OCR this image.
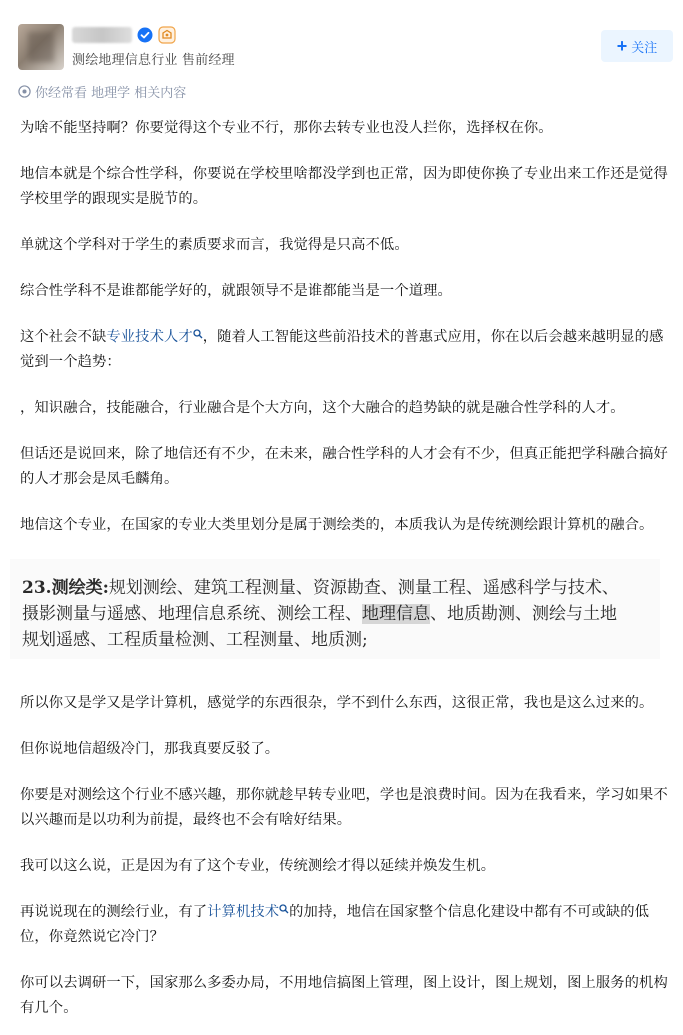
测绘地理信息行业 售前经理
+ 关注
你经常看 地理学 相关内容

为啥不能坚持啊？你要觉得这个专业不行，那你去转专业也没人拦你，选择权在你。

地信本就是个综合性学科，你要说在学校里啥都没学到也正常，因为即使你换了专业出来工作还是觉得学校里学的跟现实是脱节的。

单就这个学科对于学生的素质要求而言，我觉得是只高不低。

综合性学科不是谁都能学好的，就跟领导不是谁都能当是一个道理。

这个社会不缺专业技术人才 ，随着人工智能这些前沿技术的普惠式应用，你在以后会越来越明显的感觉到一个趋势：

，知识融合，技能融合，行业融合是个大方向，这个大融合的趋势缺的就是融合性学科的人才。

但话还是说回来，除了地信还有不少，在未来，融合性学科的人才会有不少，但真正能把学科融合搞好的人才那会是凤毛麟角。

地信这个专业，在国家的专业大类里划分是属于测绘类的，本质我认为是传统测绘跟计算机的融合。

23.测绘类:规划测绘、建筑工程测量、资源勘查、测量工程、遥感科学与技术、
摄影测量与遥感、地理信息系统、测绘工程、地理信息、地质勘测、测绘与土地
规划遥感、工程质量检测、工程测量、地质测;

所以你又是学又是学计算机，感觉学的东西很杂，学不到什么东西，这很正常，我也是这么过来的。

但你说地信超级冷门，那我真要反驳了。

你要是对测绘这个行业不感兴趣，那你就趁早转专业吧，学也是浪费时间。因为在我看来，学习如果不以兴趣而是以功利为前提，最终也不会有啥好结果。

我可以这么说，正是因为有了这个专业，传统测绘才得以延续并焕发生机。

再说说现在的测绘行业，有了计算机技术 的加持，地信在国家整个信息化建设中都有不可或缺的低位，你竟然说它冷门？

你可以去调研一下，国家那么多委办局，不用地信搞图上管理，图上设计，图上规划，图上服务的机构有几个。
